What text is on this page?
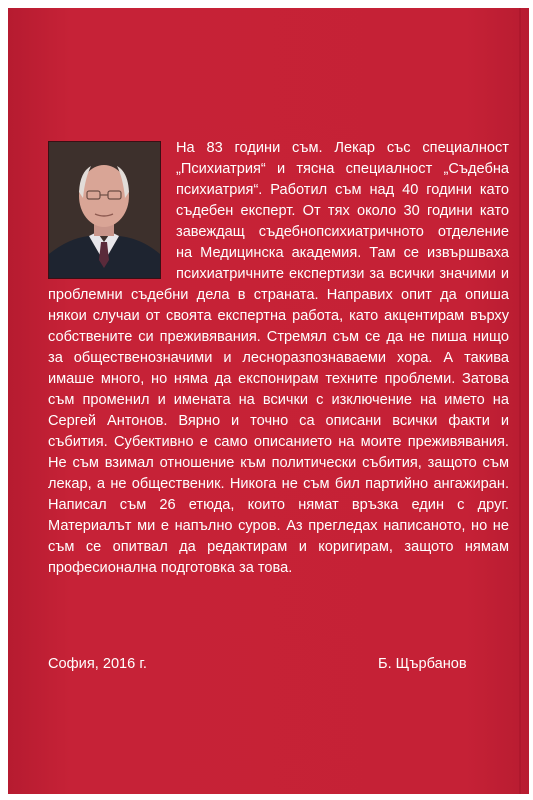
На 83 години съм. Лекар със специалност „Психиатрия“ и тясна специалност „Съдебна психиатрия“. Работил съм над 40 години като съдебен експерт. От тях около 30 години като завеждащ съдебнопсихиатричното отделение на Медицинска академия. Там се извършваха психиатричните експертизи за всички значими и проблемни съдебни дела в страната. Направих опит да опиша някои случаи от своята експертна работа, като акцентирам върху собствените си преживявания. Стремял съм се да не пиша нищо за общественозначими и лесноразпознаваеми хора. А такива имаше много, но няма да експонирам техните проблеми. Затова съм променил и имената на всички с изключение на името на Сергей Антонов. Вярно и точно са описани всички факти и събития. Субективно е само описанието на моите преживявания. Не съм взимал отношение към политически събития, защото съм лекар, а не общественик. Никога не съм бил партийно ангажиран. Написал съм 26 етюда, които нямат връзка един с друг. Материалът ми е напълно суров. Аз прегледах написаното, но не съм се опитвал да редактирам и коригирам, защото нямам професионална подготовка за това.
София, 2016 г.	Б. Щърбанов
